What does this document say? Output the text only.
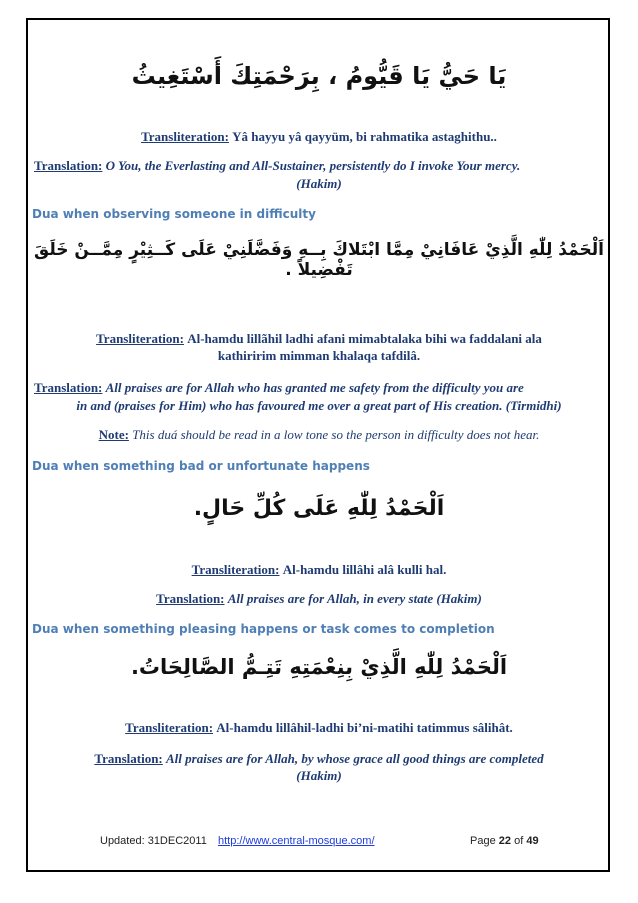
يَا حَيُّ يَا قَيُّومُ ، بِرَحْمَتِكَ أَسْتَغِيثُ
Transliteration: Yâ hayyu yâ qayyüm, bi rahmatika astaghithu..
Translation: O You, the Everlasting and All-Sustainer, persistently do I invoke Your mercy.
(Hakim)
Dua when observing someone in difficulty
اَلْحَمْدُ لِلّٰهِ الَّذِيْ عَافَانِيْ مِمَّا ابْتَلاكَ بِــهِ وَفَضَّلَنِيْ عَلَى كَــثِيْرٍ مِمَّــنْ خَلَقَ تَفْضِيلاً .
Transliteration: Al-hamdu lillãhil ladhi afani mimabtalaka bihi wa faddalani ala
kathiririm mimman khalaqa tafdilâ.
Translation: All praises are for Allah who has granted me safety from the difficulty you are
in and (praises for Him) who has favoured me over a great part of His creation. (Tirmidhi)
Note: This duá should be read in a low tone so the person in difficulty does not hear.
Dua when something bad or unfortunate happens
اَلْحَمْدُ لِلّٰهِ عَلَى كُلِّ حَالٍ.
Transliteration: Al-hamdu lillâhi alâ kulli hal.
Translation: All praises are for Allah, in every state (Hakim)
Dua when something pleasing happens or task comes to completion
اَلْحَمْدُ لِلّٰهِ الَّذِيْ بِنِعْمَتِهِ تَتِـمُّ الصَّالِحَاتُ.
Transliteration: Al-hamdu lillâhil-ladhi bi’ni-matihi tatimmus sâlihât.
Translation: All praises are for Allah, by whose grace all good things are completed
(Hakim)
Updated: 31DEC2011 http://www.central-mosque.com/	Page 22 of 49
